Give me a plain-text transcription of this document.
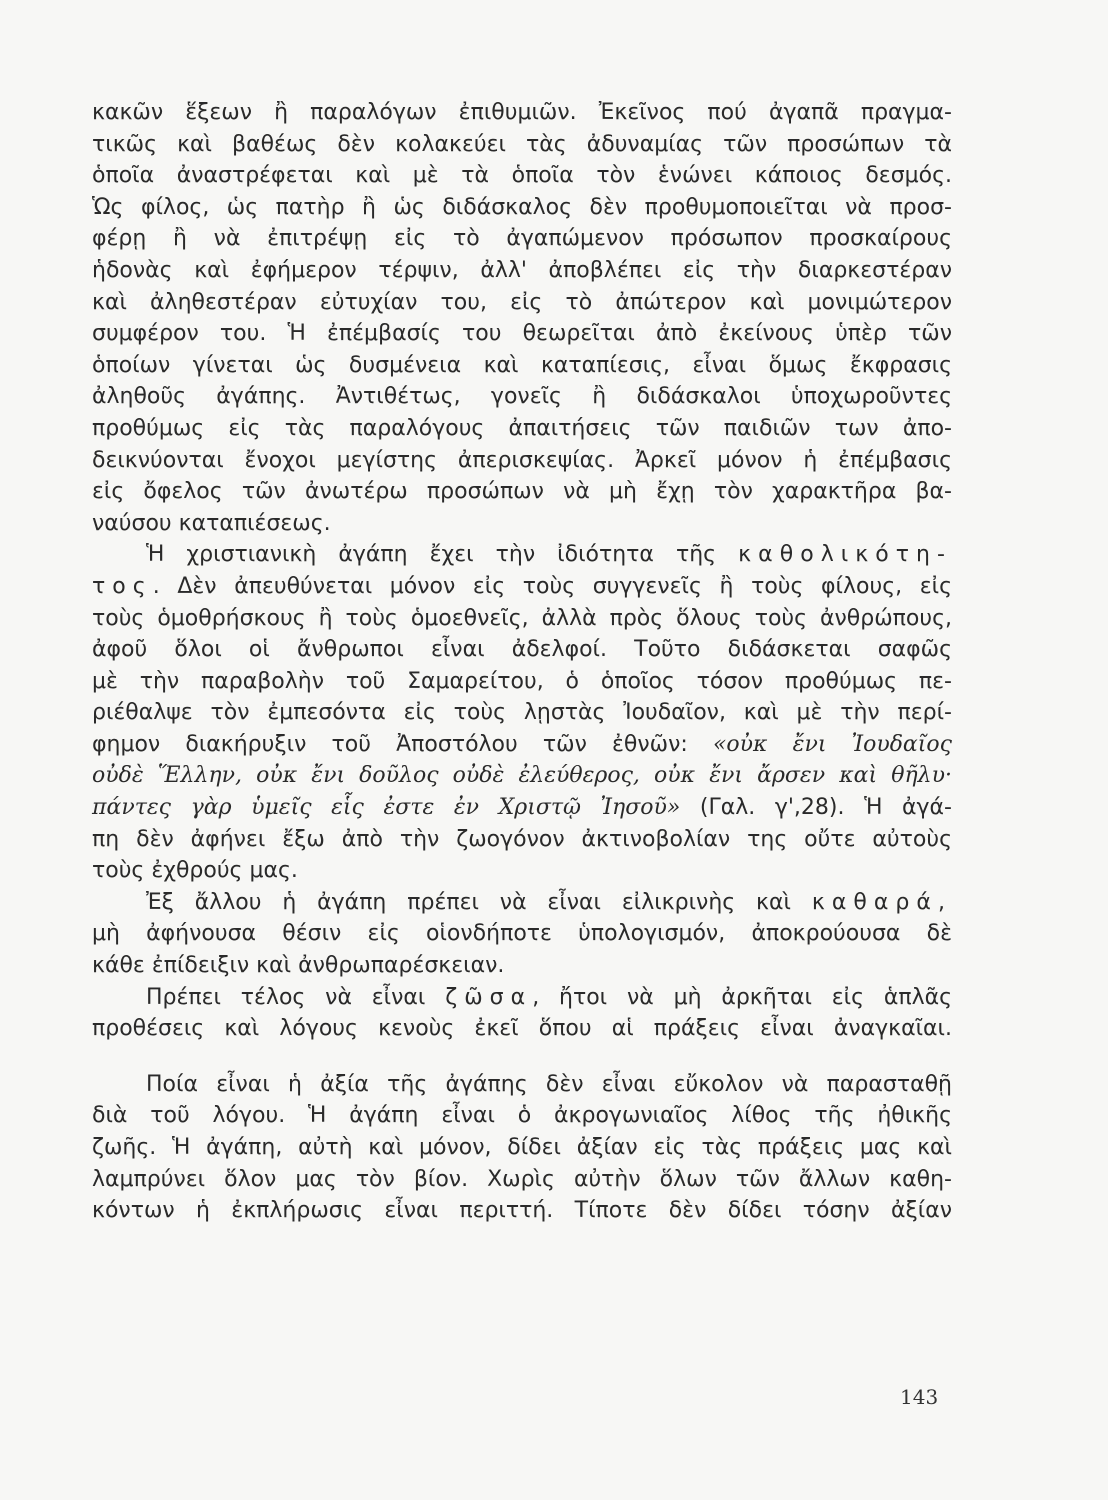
κακῶν ἕξεων ἢ παραλόγων ἐπιθυμιῶν. Ἐκεῖνος πού ἀγαπᾶ πραγμα-
τικῶς καὶ βαθέως δὲν κολακεύει τὰς ἀδυναμίας τῶν προσώπων τὰ
ὁποῖα ἀναστρέφεται καὶ μὲ τὰ ὁποῖα τὸν ἑνώνει κάποιος δεσμός.
Ὡς φίλος, ὡς πατὴρ ἢ ὡς διδάσκαλος δὲν προθυμοποιεῖται νὰ προσ-
φέρῃ ἢ νὰ ἐπιτρέψῃ εἰς τὸ ἀγαπώμενον πρόσωπον προσκαίρους
ἡδονὰς καὶ ἐφήμερον τέρψιν, ἀλλ' ἀποβλέπει εἰς τὴν διαρκεστέραν
καὶ ἀληθεστέραν εὐτυχίαν του, εἰς τὸ ἀπώτερον καὶ μονιμώτερον
συμφέρον του. Ἡ ἐπέμβασίς του θεωρεῖται ἀπὸ ἐκείνους ὑπὲρ τῶν
ὁποίων γίνεται ὡς δυσμένεια καὶ καταπίεσις, εἶναι ὅμως ἔκφρασις
ἀληθοῦς ἀγάπης. Ἀντιθέτως, γονεῖς ἢ διδάσκαλοι ὑποχωροῦντες
προθύμως εἰς τὰς παραλόγους ἀπαιτήσεις τῶν παιδιῶν των ἀπο-
δεικνύονται ἔνοχοι μεγίστης ἀπερισκεψίας. Ἀρκεῖ μόνον ἡ ἐπέμβασις
εἰς ὄφελος τῶν ἀνωτέρω προσώπων νὰ μὴ ἔχῃ τὸν χαρακτῆρα βα-
ναύσου καταπιέσεως.
Ἡ χριστιανικὴ ἀγάπη ἔχει τὴν ἰδιότητα τῆς καθολικότη-
τος. Δὲν ἀπευθύνεται μόνον εἰς τοὺς συγγενεῖς ἢ τοὺς φίλους, εἰς
τοὺς ὁμοθρήσκους ἢ τοὺς ὁμοεθνεῖς, ἀλλὰ πρὸς ὅλους τοὺς ἀνθρώπους,
ἀφοῦ ὅλοι οἱ ἄνθρωποι εἶναι ἀδελφοί. Τοῦτο διδάσκεται σαφῶς
μὲ τὴν παραβολὴν τοῦ Σαμαρείτου, ὁ ὁποῖος τόσον προθύμως πε-
ριέθαλψε τὸν ἐμπεσόντα εἰς τοὺς λῃστὰς Ἰουδαῖον, καὶ μὲ τὴν περί-
φημον διακήρυξιν τοῦ Ἀποστόλου τῶν ἐθνῶν: «οὐκ ἔνι Ἰουδαῖος
οὐδὲ Ἕλλην, οὐκ ἔνι δοῦλος οὐδὲ ἐλεύθερος, οὐκ ἔνι ἄρσεν καὶ θῆλυ·
πάντες γὰρ ὑμεῖς εἷς ἐστε ἐν Χριστῷ Ἰησοῦ» (Γαλ. γ',28). Ἡ ἀγά-
πη δὲν ἀφήνει ἔξω ἀπὸ τὴν ζωογόνον ἀκτινοβολίαν της οὔτε αὐτοὺς
τοὺς ἐχθρούς μας.
Ἐξ ἄλλου ἡ ἀγάπη πρέπει νὰ εἶναι εἰλικρινὴς καὶ καθαρά,
μὴ ἀφήνουσα θέσιν εἰς οἱονδήποτε ὑπολογισμόν, ἀποκρούουσα δὲ
κάθε ἐπίδειξιν καὶ ἀνθρωπαρέσκειαν.
Πρέπει τέλος νὰ εἶναι ζῶσα, ἤτοι νὰ μὴ ἀρκῆται εἰς ἁπλᾶς
προθέσεις καὶ λόγους κενοὺς ἐκεῖ ὅπου αἱ πράξεις εἶναι ἀναγκαῖαι.
Ποία εἶναι ἡ ἀξία τῆς ἀγάπης δὲν εἶναι εὔκολον νὰ παρασταθῇ
διὰ τοῦ λόγου. Ἡ ἀγάπη εἶναι ὁ ἀκρογωνιαῖος λίθος τῆς ἠθικῆς
ζωῆς. Ἡ ἀγάπη, αὐτὴ καὶ μόνον, δίδει ἀξίαν εἰς τὰς πράξεις μας καὶ
λαμπρύνει ὅλον μας τὸν βίον. Χωρὶς αὐτὴν ὅλων τῶν ἄλλων καθη-
κόντων ἡ ἐκπλήρωσις εἶναι περιττή. Τίποτε δὲν δίδει τόσην ἀξίαν
143
